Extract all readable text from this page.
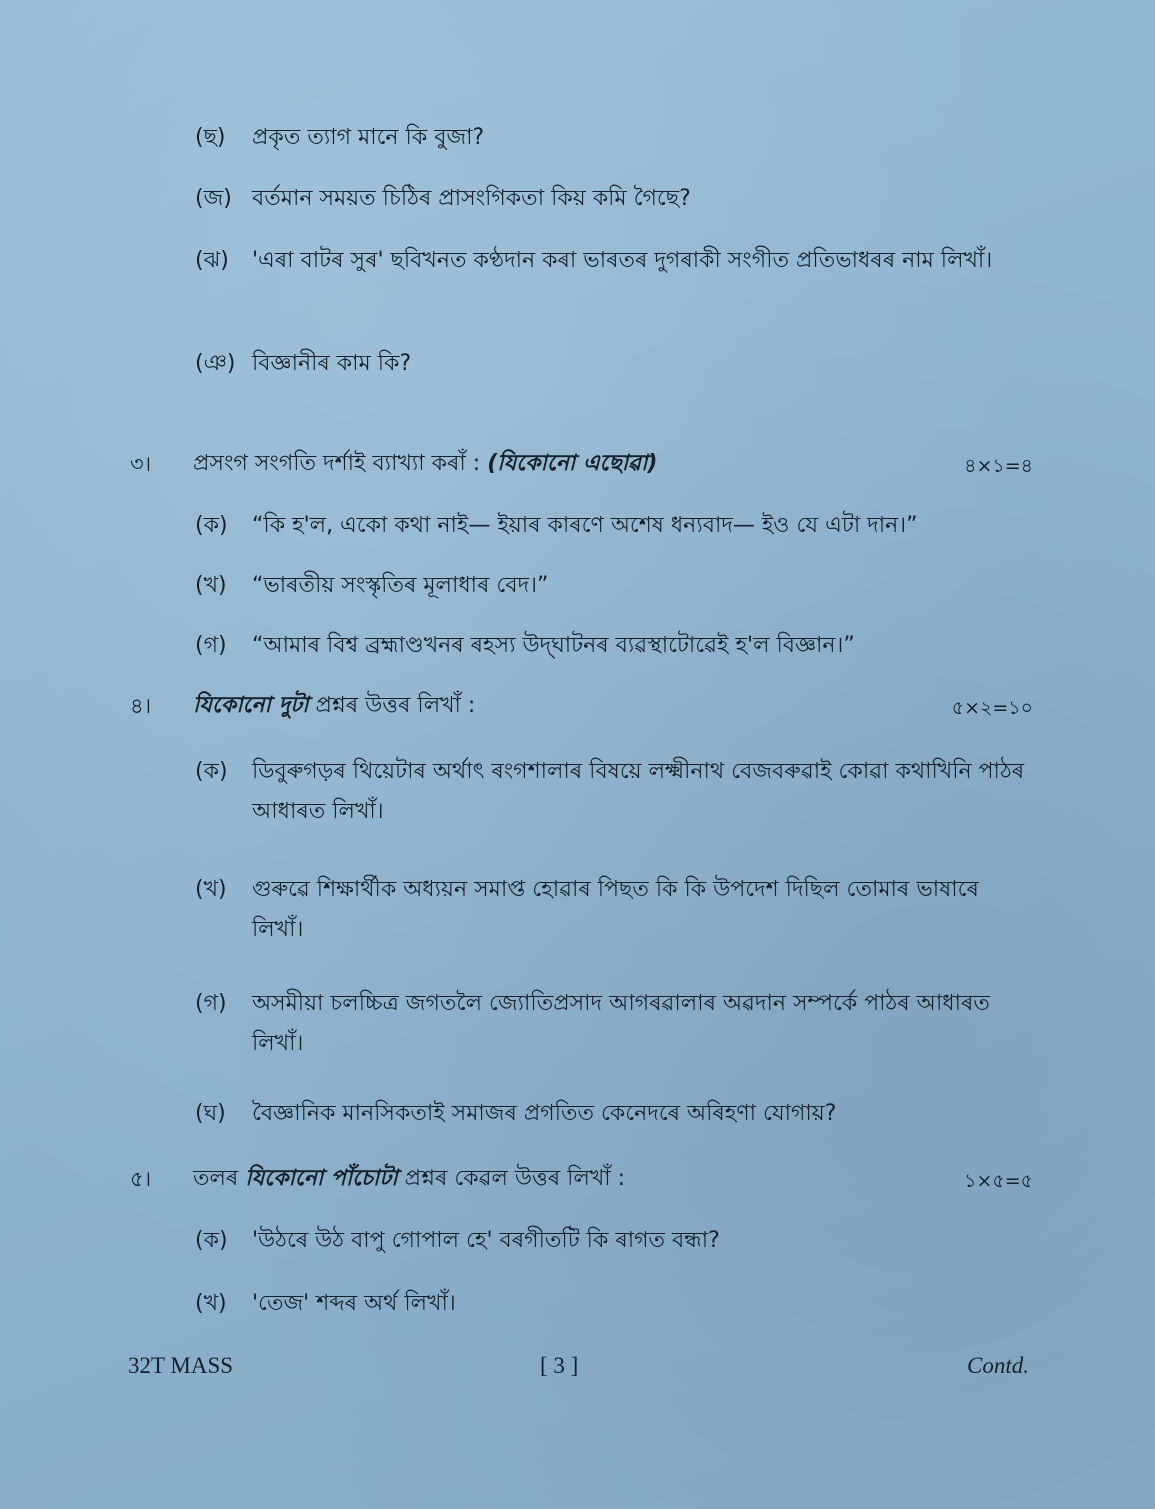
(ছ) প্ৰকৃত ত্যাগ মানে কি বুজা?
(জ) বৰ্তমান সময়ত চিঠিৰ প্ৰাসংগিকতা কিয় কমি গৈছে?
(ঝ) 'এৰা বাটৰ সুৰ' ছবিখনত কণ্ঠদান কৰা ভাৰতৰ দুগৰাকী সংগীত প্ৰতিভাধৰৰ নাম লিখাঁ।
(ঞ) বিজ্ঞানীৰ কাম কি?
৩। প্ৰসংগ সংগতি দৰ্শাই ব্যাখ্যা কৰাঁ : (যিকোনো এছোৱা)	৪×১=৪
(ক) “কি হ'ল, একো কথা নাই— ইয়াৰ কাৰণে অশেষ ধন্যবাদ— ইও যে এটা দান।”
(খ) “ভাৰতীয় সংস্কৃতিৰ মূলাধাৰ বেদ।”
(গ) “আমাৰ বিশ্ব ব্ৰহ্মাণ্ডখনৰ ৰহস্য উদ্‌ঘাটনৰ ব্যৱস্থাটোৱেই হ'ল বিজ্ঞান।”
৪। যিকোনো দুটা প্ৰশ্নৰ উত্তৰ লিখাঁ :	৫×২=১০
(ক) ডিবুৰুগড়ৰ থিয়েটাৰ অৰ্থাৎ ৰংগশালাৰ বিষয়ে লক্ষ্মীনাথ বেজবৰুৱাই কোৱা কথাখিনি পাঠৰ আধাৰত লিখাঁ।
(খ) গুৰুৱে শিক্ষাৰ্থীক অধ্যয়ন সমাপ্ত হোৱাৰ পিছত কি কি উপদেশ দিছিল তোমাৰ ভাষাৰে লিখাঁ।
(গ) অসমীয়া চলচ্চিত্ৰ জগতলৈ জ্যোতিপ্ৰসাদ আগৰৱালাৰ অৱদান সম্পৰ্কে পাঠৰ আধাৰত লিখাঁ।
(ঘ) বৈজ্ঞানিক মানসিকতাই সমাজৰ প্ৰগতিত কেনেদৰে অৰিহণা যোগায়?
৫। তলৰ যিকোনো পাঁচোটা প্ৰশ্নৰ কেৱল উত্তৰ লিখাঁ :	১×৫=৫
(ক) 'উঠৰে উঠ বাপু গোপাল হে' বৰগীতটি কি ৰাগত বন্ধা?
(খ) 'তেজ' শব্দৰ অৰ্থ লিখাঁ।
32T MASS	[ 3 ]	Contd.
